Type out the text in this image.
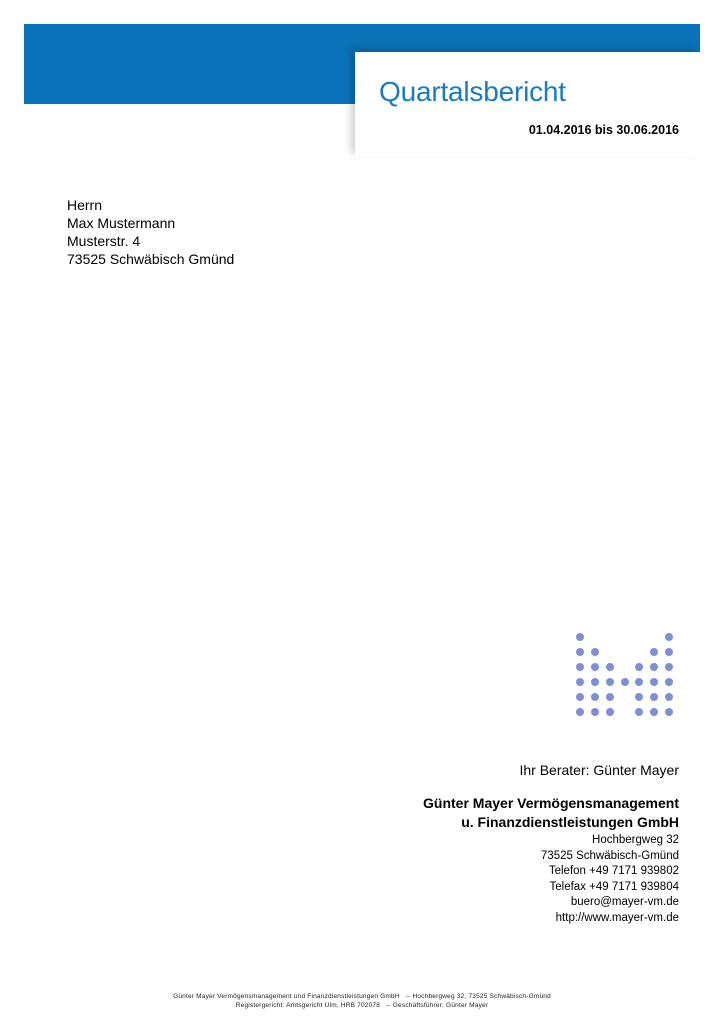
Quartalsbericht
01.04.2016 bis 30.06.2016
Herrn
Max Mustermann
Musterstr. 4
73525 Schwäbisch Gmünd
Ihr Berater: Günter Mayer
Günter Mayer Vermögensmanagement
u. Finanzdienstleistungen GmbH
Hochbergweg 32
73525 Schwäbisch-Gmünd
Telefon +49 7171 939802
Telefax +49 7171 939804
buero@mayer-vm.de
http://www.mayer-vm.de
Günter Mayer Vermögensmanagement und Finanzdienstleistungen GmbH   -- Hochbergweg 32, 73525 Schwäbisch-Gmünd
Registergericht: Amtsgericht Ulm, HRB 702078   -- Geschäftsführer: Günter Mayer
